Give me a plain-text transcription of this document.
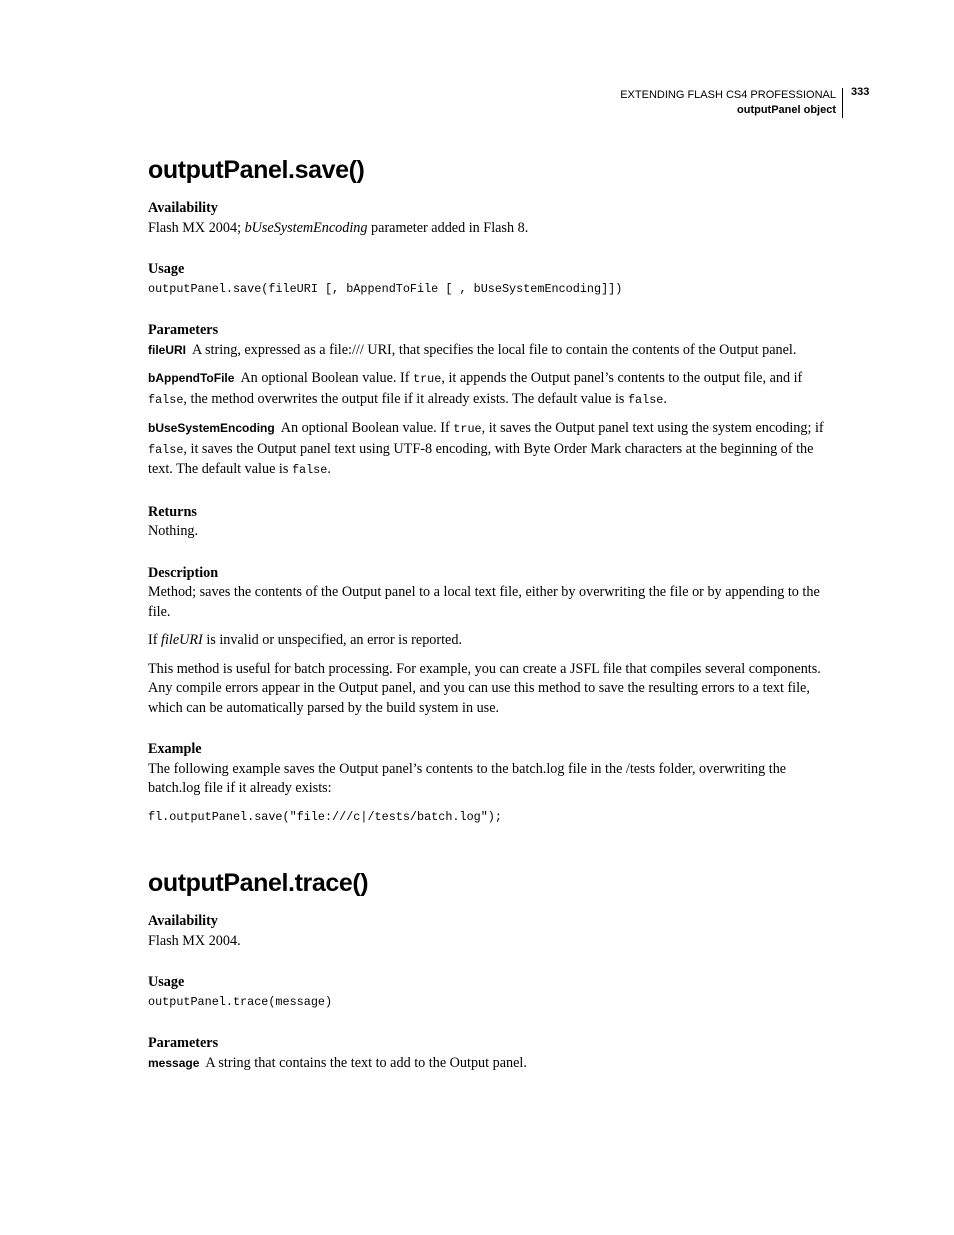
EXTENDING FLASH CS4 PROFESSIONAL
outputPanel object
333
outputPanel.save()
Availability

Flash MX 2004; bUseSystemEncoding parameter added in Flash 8.

Usage

outputPanel.save(fileURI [, bAppendToFile [ , bUseSystemEncoding]])

Parameters

fileURI A string, expressed as a file:/// URI, that specifies the local file to contain the contents of the Output panel.

bAppendToFile An optional Boolean value. If true, it appends the Output panel’s contents to the output file, and if false, the method overwrites the output file if it already exists. The default value is false.

bUseSystemEncoding An optional Boolean value. If true, it saves the Output panel text using the system encoding; if false, it saves the Output panel text using UTF-8 encoding, with Byte Order Mark characters at the beginning of the text. The default value is false.

Returns

Nothing.

Description

Method; saves the contents of the Output panel to a local text file, either by overwriting the file or by appending to the file.

If fileURI is invalid or unspecified, an error is reported.

This method is useful for batch processing. For example, you can create a JSFL file that compiles several components. Any compile errors appear in the Output panel, and you can use this method to save the resulting errors to a text file, which can be automatically parsed by the build system in use.

Example

The following example saves the Output panel’s contents to the batch.log file in the /tests folder, overwriting the batch.log file if it already exists:

fl.outputPanel.save("file:///c|/tests/batch.log");

outputPanel.trace()
Availability

Flash MX 2004.

Usage

outputPanel.trace(message)

Parameters

message A string that contains the text to add to the Output panel.
